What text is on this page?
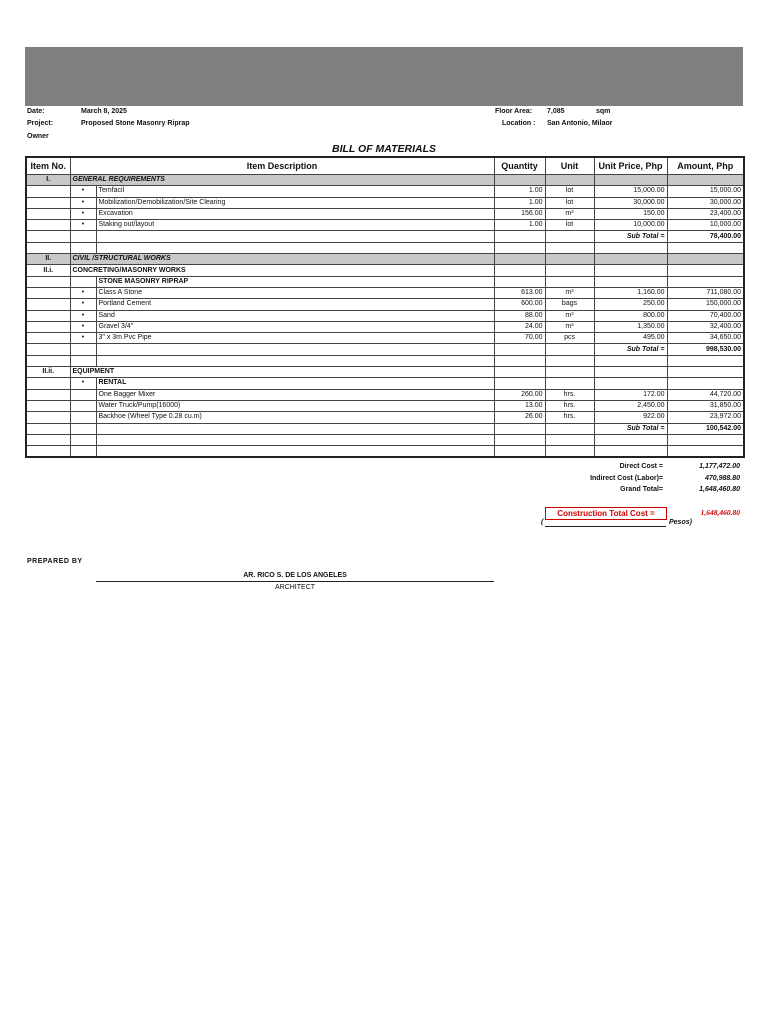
Date:	March 8, 2025
Project:	Proposed Stone Masonry Riprap
Owner
Floor Area: 7,085	sqm
Location : San Antonio, Milaor
BILL OF MATERIALS
Item No.	Item Description		Quantity	Unit	Unit Price, Php	Amount, Php
I.	GENERAL REQUIREMENTS					
	•	Temfacil	1.00	lot	15,000.00	15,000.00
	•	Mobilization/Demobilization/Site Clearing	1.00	lot	30,000.00	30,000.00
	•	Excavation	156.00	m³	150.00	23,400.00
	•	Staking out/layout	1.00	lot	10,000.00	10,000.00
					Sub Total =	78,400.00

II.	CIVIL /STRUCTURAL WORKS					
II.i.	CONCRETING/MASONRY WORKS					
		STONE MASONRY RIPRAP				
	•	Class A Stone	613.00	m³	1,160.00	711,080.00
	•	Portland Cement	600.00	bags	250.00	150,000.00
	•	Sand	88.00	m³	800.00	70,400.00
	•	Gravel 3/4"	24.00	m³	1,350.00	32,400.00
	•	3" x 3m Pvc Pipe	70.00	pcs	495.00	34,650.00
					Sub Total =	998,530.00

II.ii.	EQUIPMENT					
	•	RENTAL				
		One Bagger Mixer	260.00	hrs.	172.00	44,720.00
		Water Truck/Pump(16000)	13.00	hrs.	2,450.00	31,850.00
		Backhoe (Wheel Type 0.28 cu.m)	26.00	hrs.	922.00	23,972.00
					Sub Total =	100,542.00

Direct Cost =	1,177,472.00
Indirect Cost (Labor)=	470,988.80
Grand Total=	1,648,460.80
Construction Total Cost =	1,648,460.80
(	Pesos)
PREPARED BY
AR. RICO S. DE LOS ANGELES
ARCHITECT
